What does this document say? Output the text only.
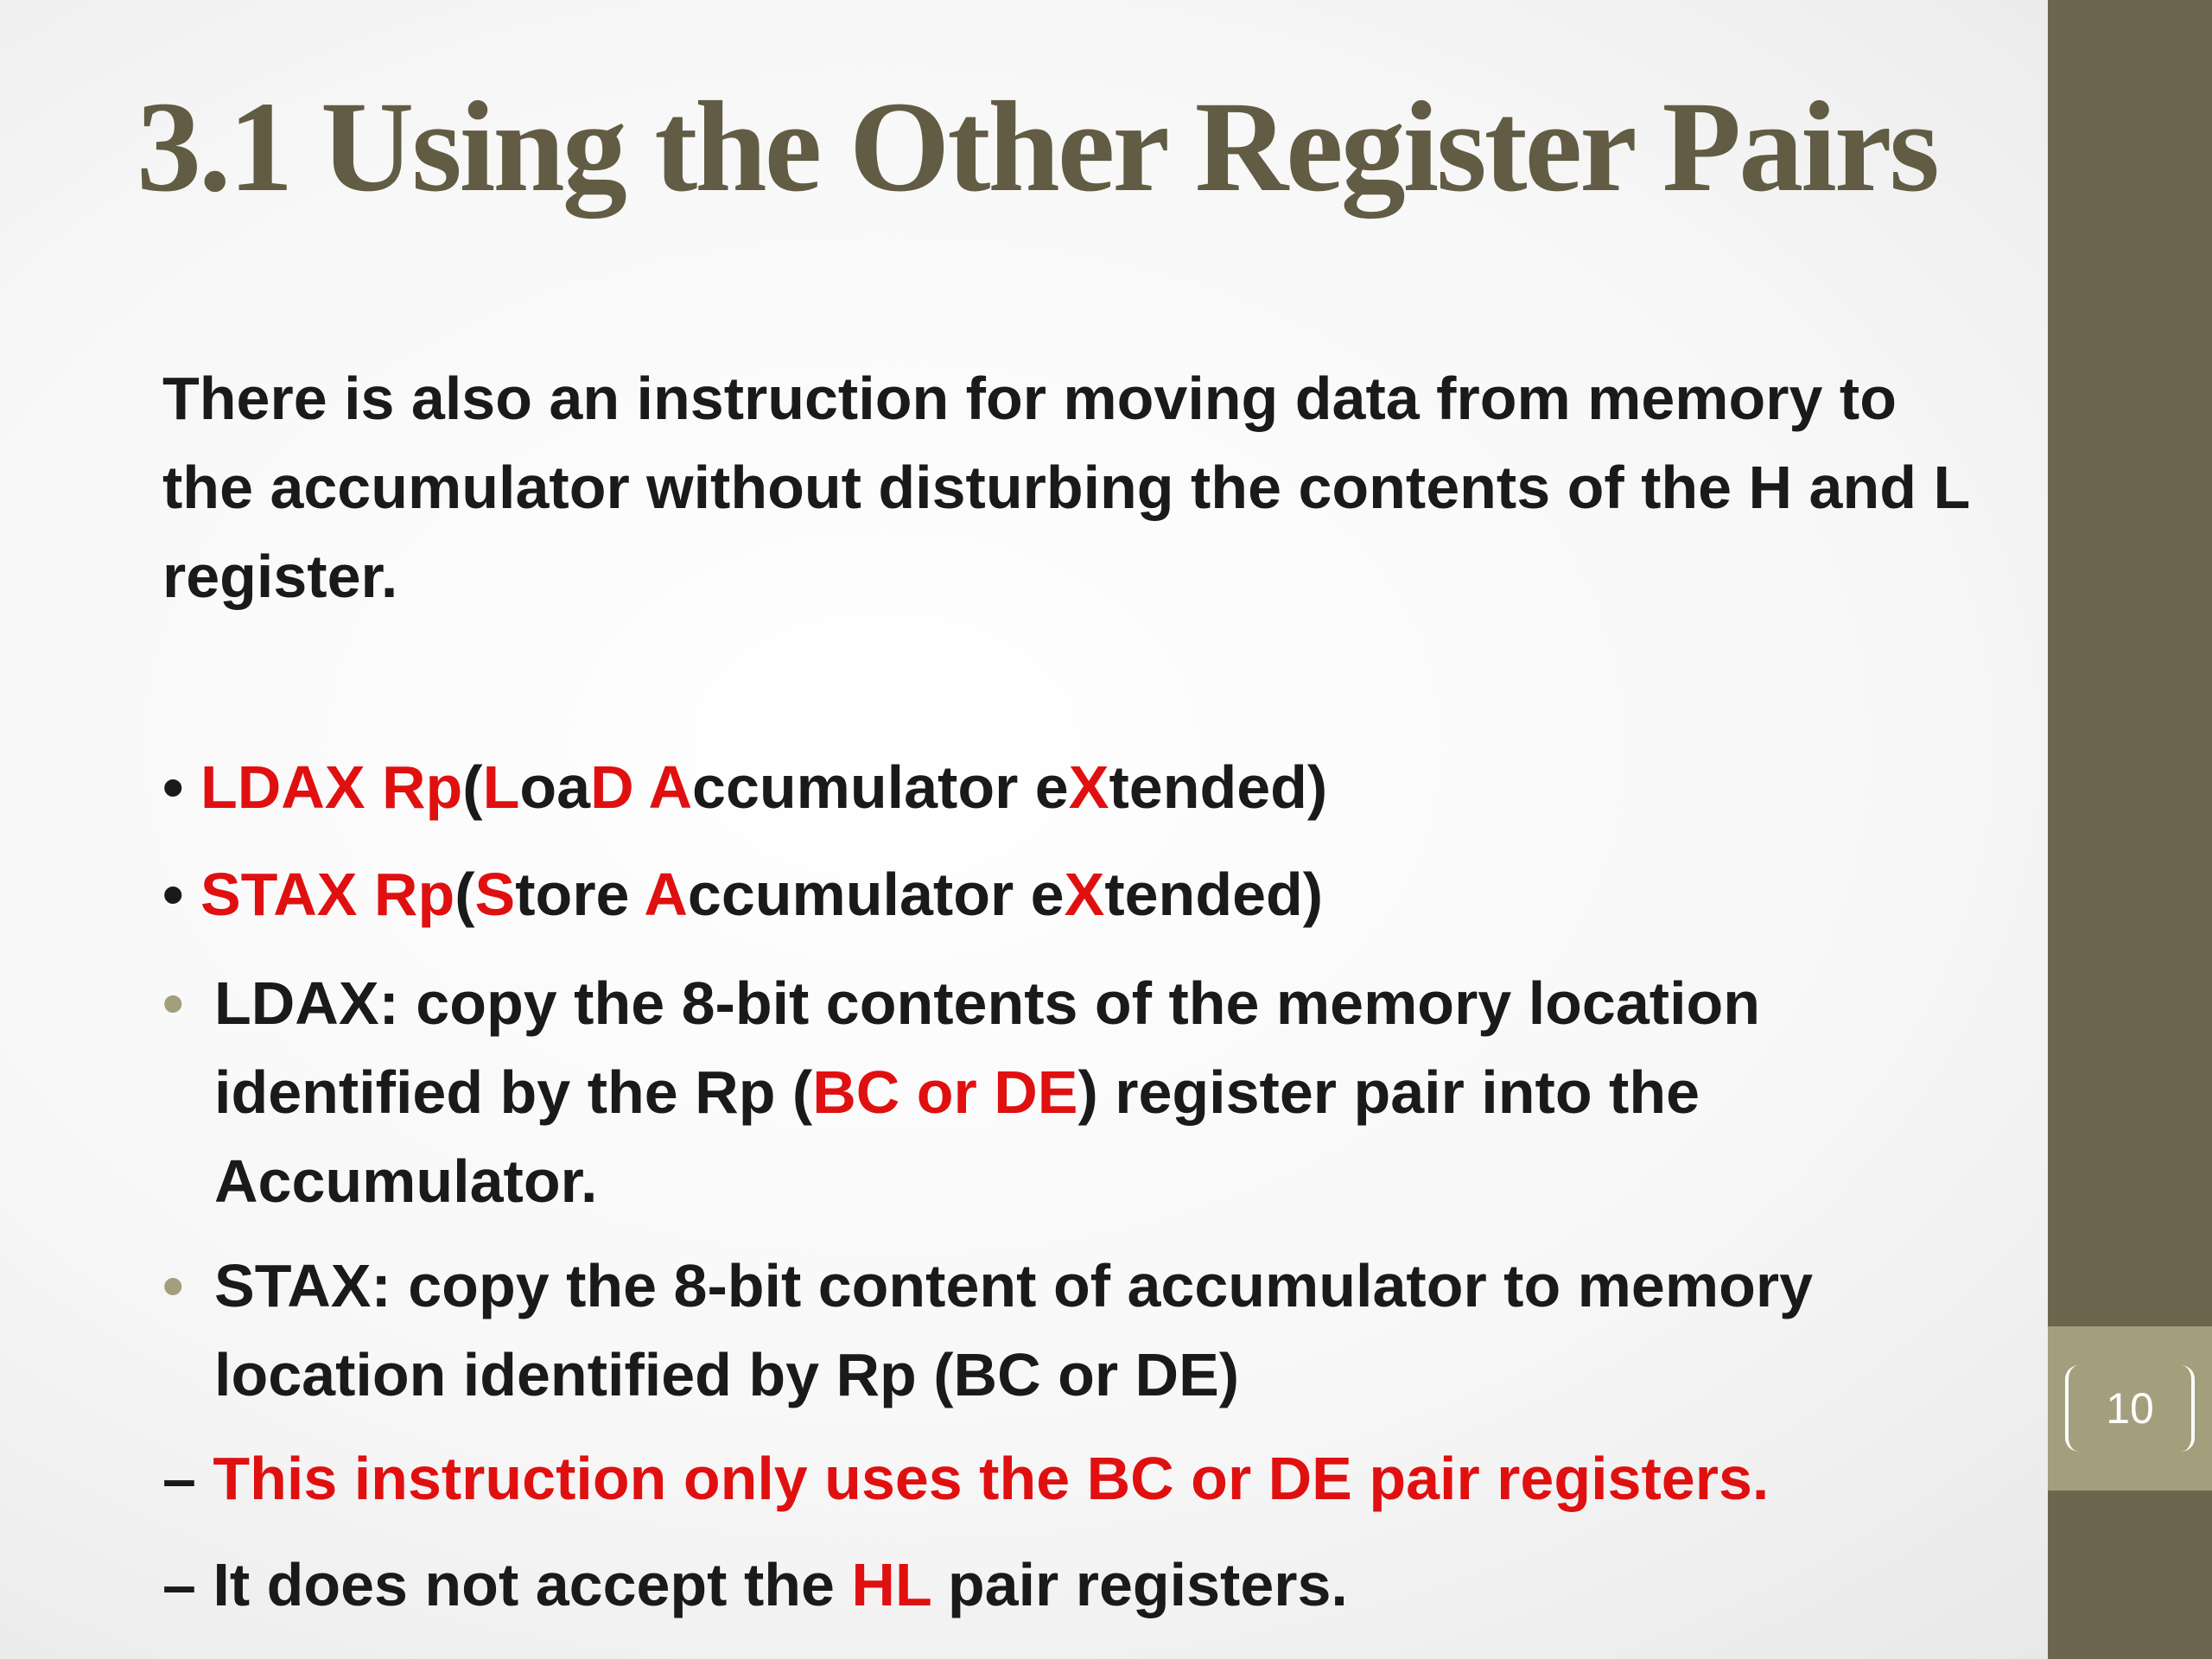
10
3.1 Using the Other Register Pairs

There is also an instruction for moving data from memory to the accumulator without disturbing the contents of the H and L register.

• LDAX Rp(LoaD Accumulator eXtended)

• STAX Rp(Store Accumulator eXtended)

• LDAX: copy the 8-bit contents of the memory location identified by the Rp (BC or DE) register pair into the Accumulator.

• STAX: copy the 8-bit content of accumulator to memory location identified by Rp (BC or DE)

– This instruction only uses the BC or DE pair registers.

– It does not accept the HL pair registers.
